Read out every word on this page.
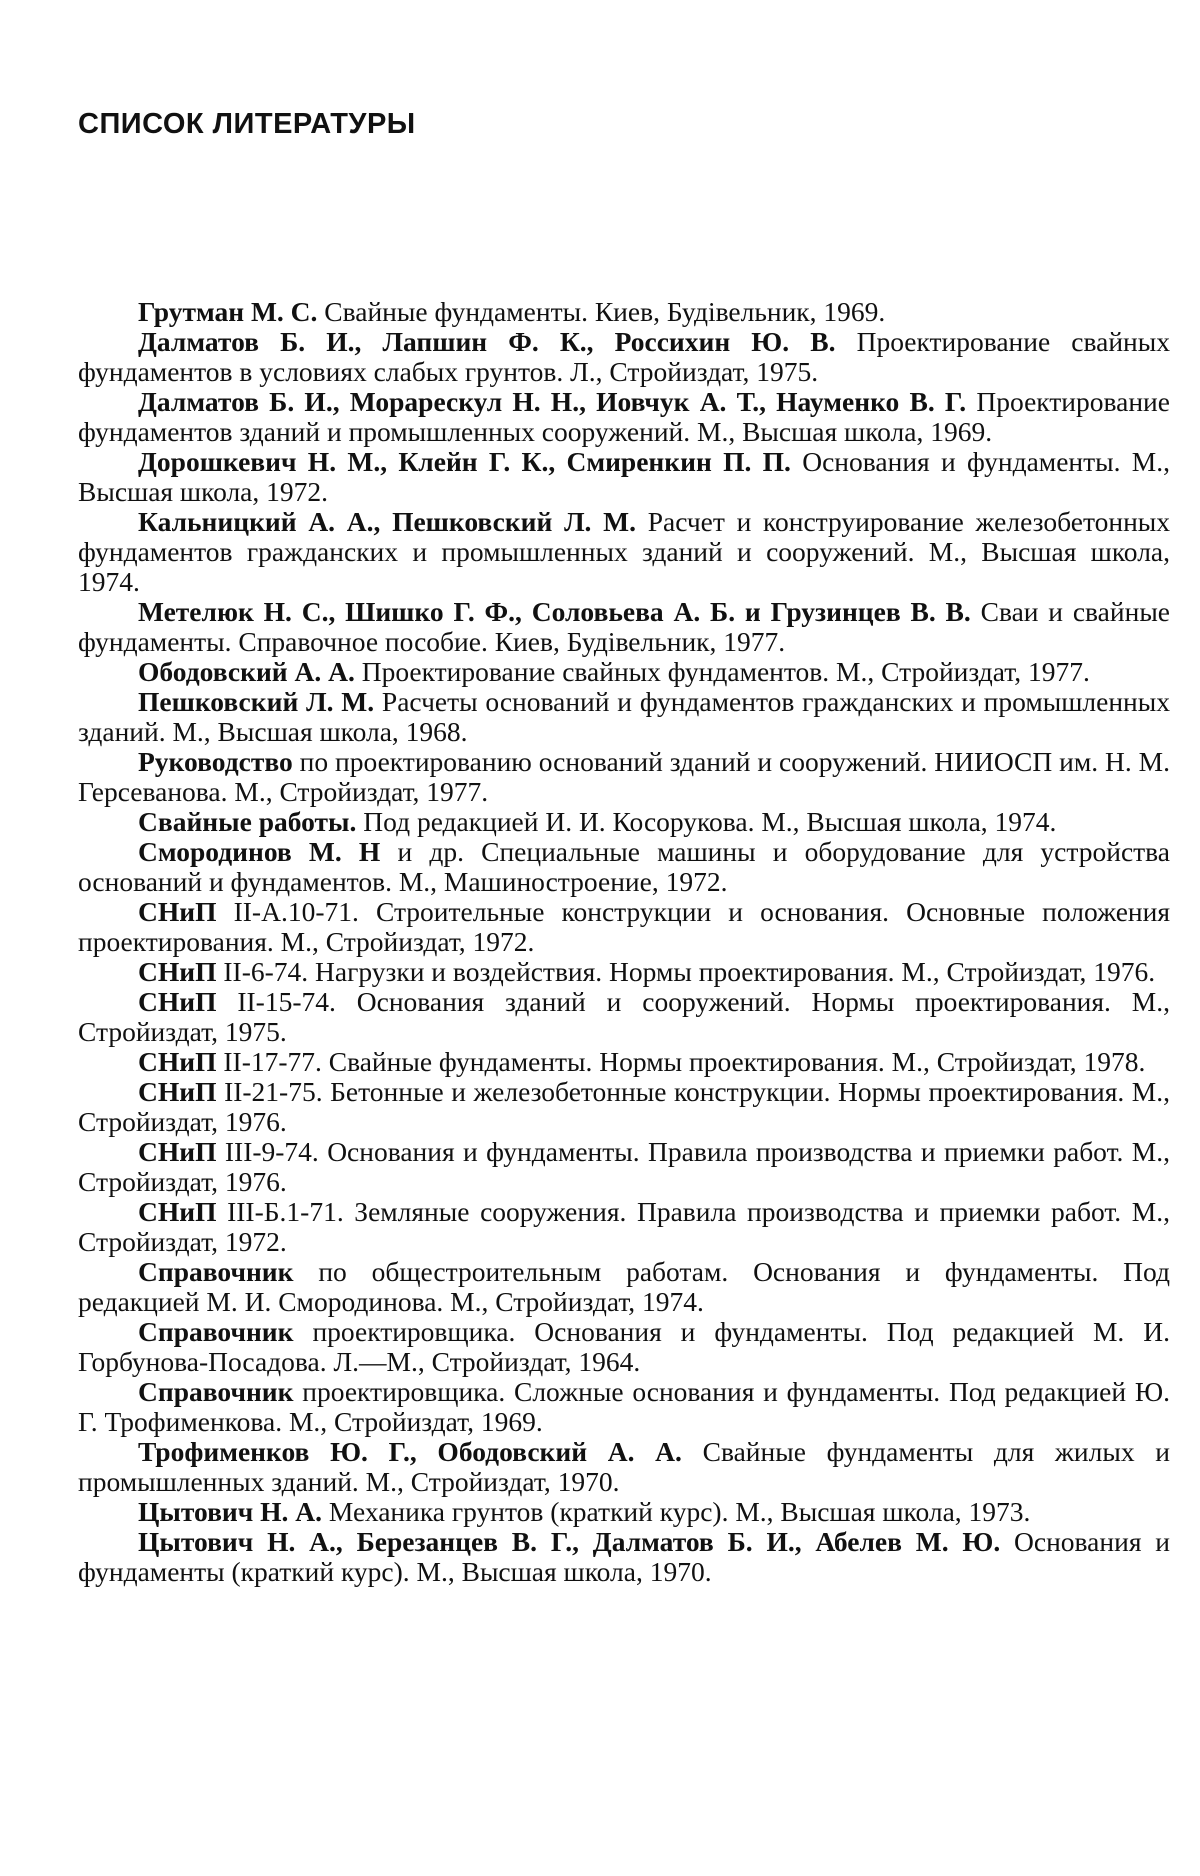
СПИСОК ЛИТЕРАТУРЫ
Грутман М. С. Свайные фундаменты. Киев, Будівельник, 1969.
Далматов Б. И., Лапшин Ф. К., Россихин Ю. В. Проектирование свайных фундаментов в условиях слабых грунтов. Л., Стройиздат, 1975.
Далматов Б. И., Морарескул Н. Н., Иовчук А. Т., Науменко В. Г. Проектирование фундаментов зданий и промышленных сооружений. М., Высшая школа, 1969.
Дорошкевич Н. М., Клейн Г. К., Смиренкин П. П. Основания и фундаменты. М., Высшая школа, 1972.
Кальницкий А. А., Пешковский Л. М. Расчет и конструирование железобетонных фундаментов гражданских и промышленных зданий и сооружений. М., Высшая школа, 1974.
Метелюк Н. С., Шишко Г. Ф., Соловьева А. Б. и Грузинцев В. В. Сваи и свайные фундаменты. Справочное пособие. Киев, Будівельник, 1977.
Ободовский А. А. Проектирование свайных фундаментов. М., Стройиздат, 1977.
Пешковский Л. М. Расчеты оснований и фундаментов гражданских и промышленных зданий. М., Высшая школа, 1968.
Руководство по проектированию оснований зданий и сооружений. НИИОСП им. Н. М. Герсеванова. М., Стройиздат, 1977.
Свайные работы. Под редакцией И. И. Косорукова. М., Высшая школа, 1974.
Смородинов М. Н и др. Специальные машины и оборудование для устройства оснований и фундаментов. М., Машиностроение, 1972.
СНиП II-А.10-71. Строительные конструкции и основания. Основные положения проектирования. М., Стройиздат, 1972.
СНиП II-6-74. Нагрузки и воздействия. Нормы проектирования. М., Стройиздат, 1976.
СНиП II-15-74. Основания зданий и сооружений. Нормы проектирования. М., Стройиздат, 1975.
СНиП II-17-77. Свайные фундаменты. Нормы проектирования. М., Стройиздат, 1978.
СНиП II-21-75. Бетонные и железобетонные конструкции. Нормы проектирования. М., Стройиздат, 1976.
СНиП III-9-74. Основания и фундаменты. Правила производства и приемки работ. М., Стройиздат, 1976.
СНиП III-Б.1-71. Земляные сооружения. Правила производства и приемки работ. М., Стройиздат, 1972.
Справочник по общестроительным работам. Основания и фундаменты. Под редакцией М. И. Смородинова. М., Стройиздат, 1974.
Справочник проектировщика. Основания и фундаменты. Под редакцией М. И. Горбунова-Посадова. Л.—М., Стройиздат, 1964.
Справочник проектировщика. Сложные основания и фундаменты. Под редакцией Ю. Г. Трофименкова. М., Стройиздат, 1969.
Трофименков Ю. Г., Ободовский А. А. Свайные фундаменты для жилых и промышленных зданий. М., Стройиздат, 1970.
Цытович Н. А. Механика грунтов (краткий курс). М., Высшая школа, 1973.
Цытович Н. А., Березанцев В. Г., Далматов Б. И., Абелев М. Ю. Основания и фундаменты (краткий курс). М., Высшая школа, 1970.
